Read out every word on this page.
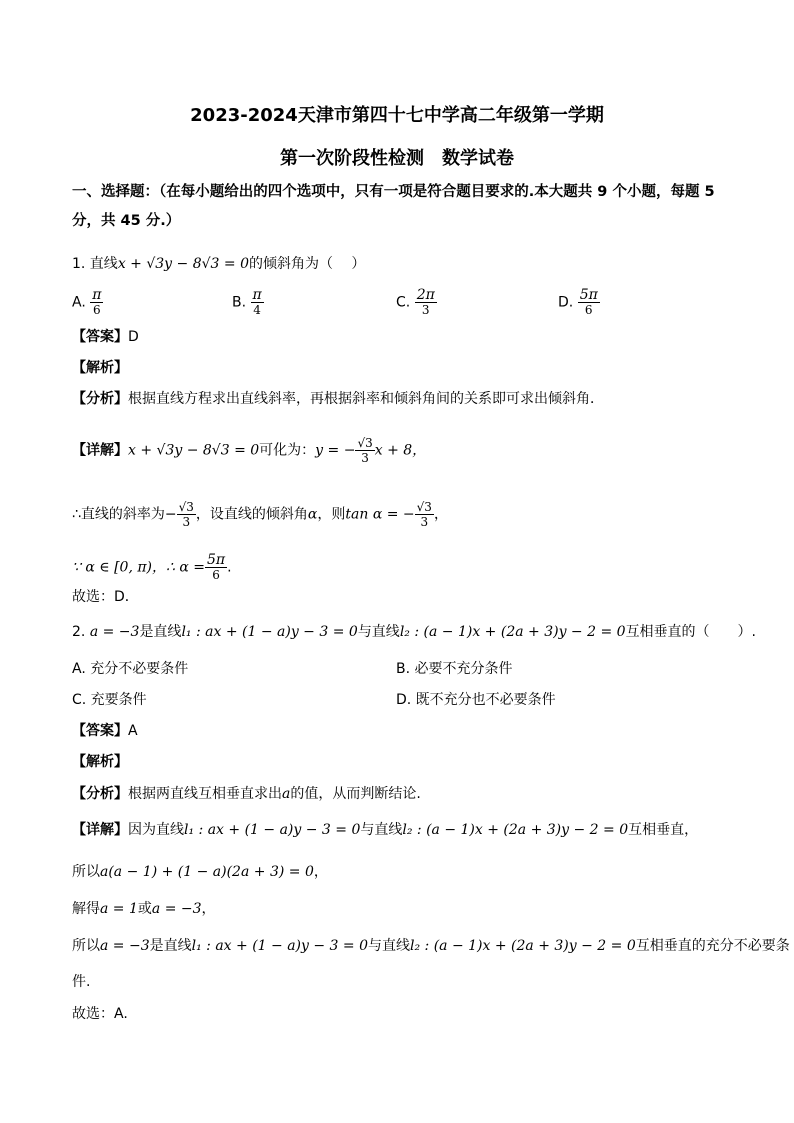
2023-2024天津市第四十七中学高二年级第一学期
第一次阶段性检测　数学试卷
一、选择题：（在每小题给出的四个选项中，只有一项是符合题目要求的.本大题共 9 个小题，每题 5 分，共 45 分.）
1. 直线x + √3y − 8√3 = 0的倾斜角为（　 ）
A. $\frac{\pi}{6}$	B. $\frac{\pi}{4}$	C. $\frac{2\pi}{3}$	D. $\frac{5\pi}{6}$
【答案】D
【解析】
【分析】根据直线方程求出直线斜率，再根据斜率和倾斜角间的关系即可求出倾斜角．
【详解】x + √3y − 8√3 = 0可化为：y = − $\frac{√3}{3}$ x + 8，
∴直线的斜率为− $\frac{√3}{3}$ ，设直线的倾斜角α，则tan α = − $\frac{√3}{3}$ ，
∵ α ∈ [0, π)，∴ $\alpha = \frac{5\pi}{6}$ .
故选：D．
2. a = −3是直线l₁ : ax + (1 − a)y − 3 = 0与直线l₂ : (a − 1)x + (2a + 3)y − 2 = 0互相垂直的（　　）.
A. 充分不必要条件	B. 必要不充分条件
C. 充要条件	D. 既不充分也不必要条件
【答案】A
【解析】
【分析】根据两直线互相垂直求出a的值，从而判断结论.
【详解】因为直线l₁ : ax + (1 − a)y − 3 = 0与直线l₂ : (a − 1)x + (2a + 3)y − 2 = 0互相垂直，
所以a(a − 1) + (1 − a)(2a + 3) = 0，
解得a = 1或a = −3，
所以a = −3是直线l₁ : ax + (1 − a)y − 3 = 0与直线l₂ : (a − 1)x + (2a + 3)y − 2 = 0互相垂直的充分不必要条
件.
故选：A.
